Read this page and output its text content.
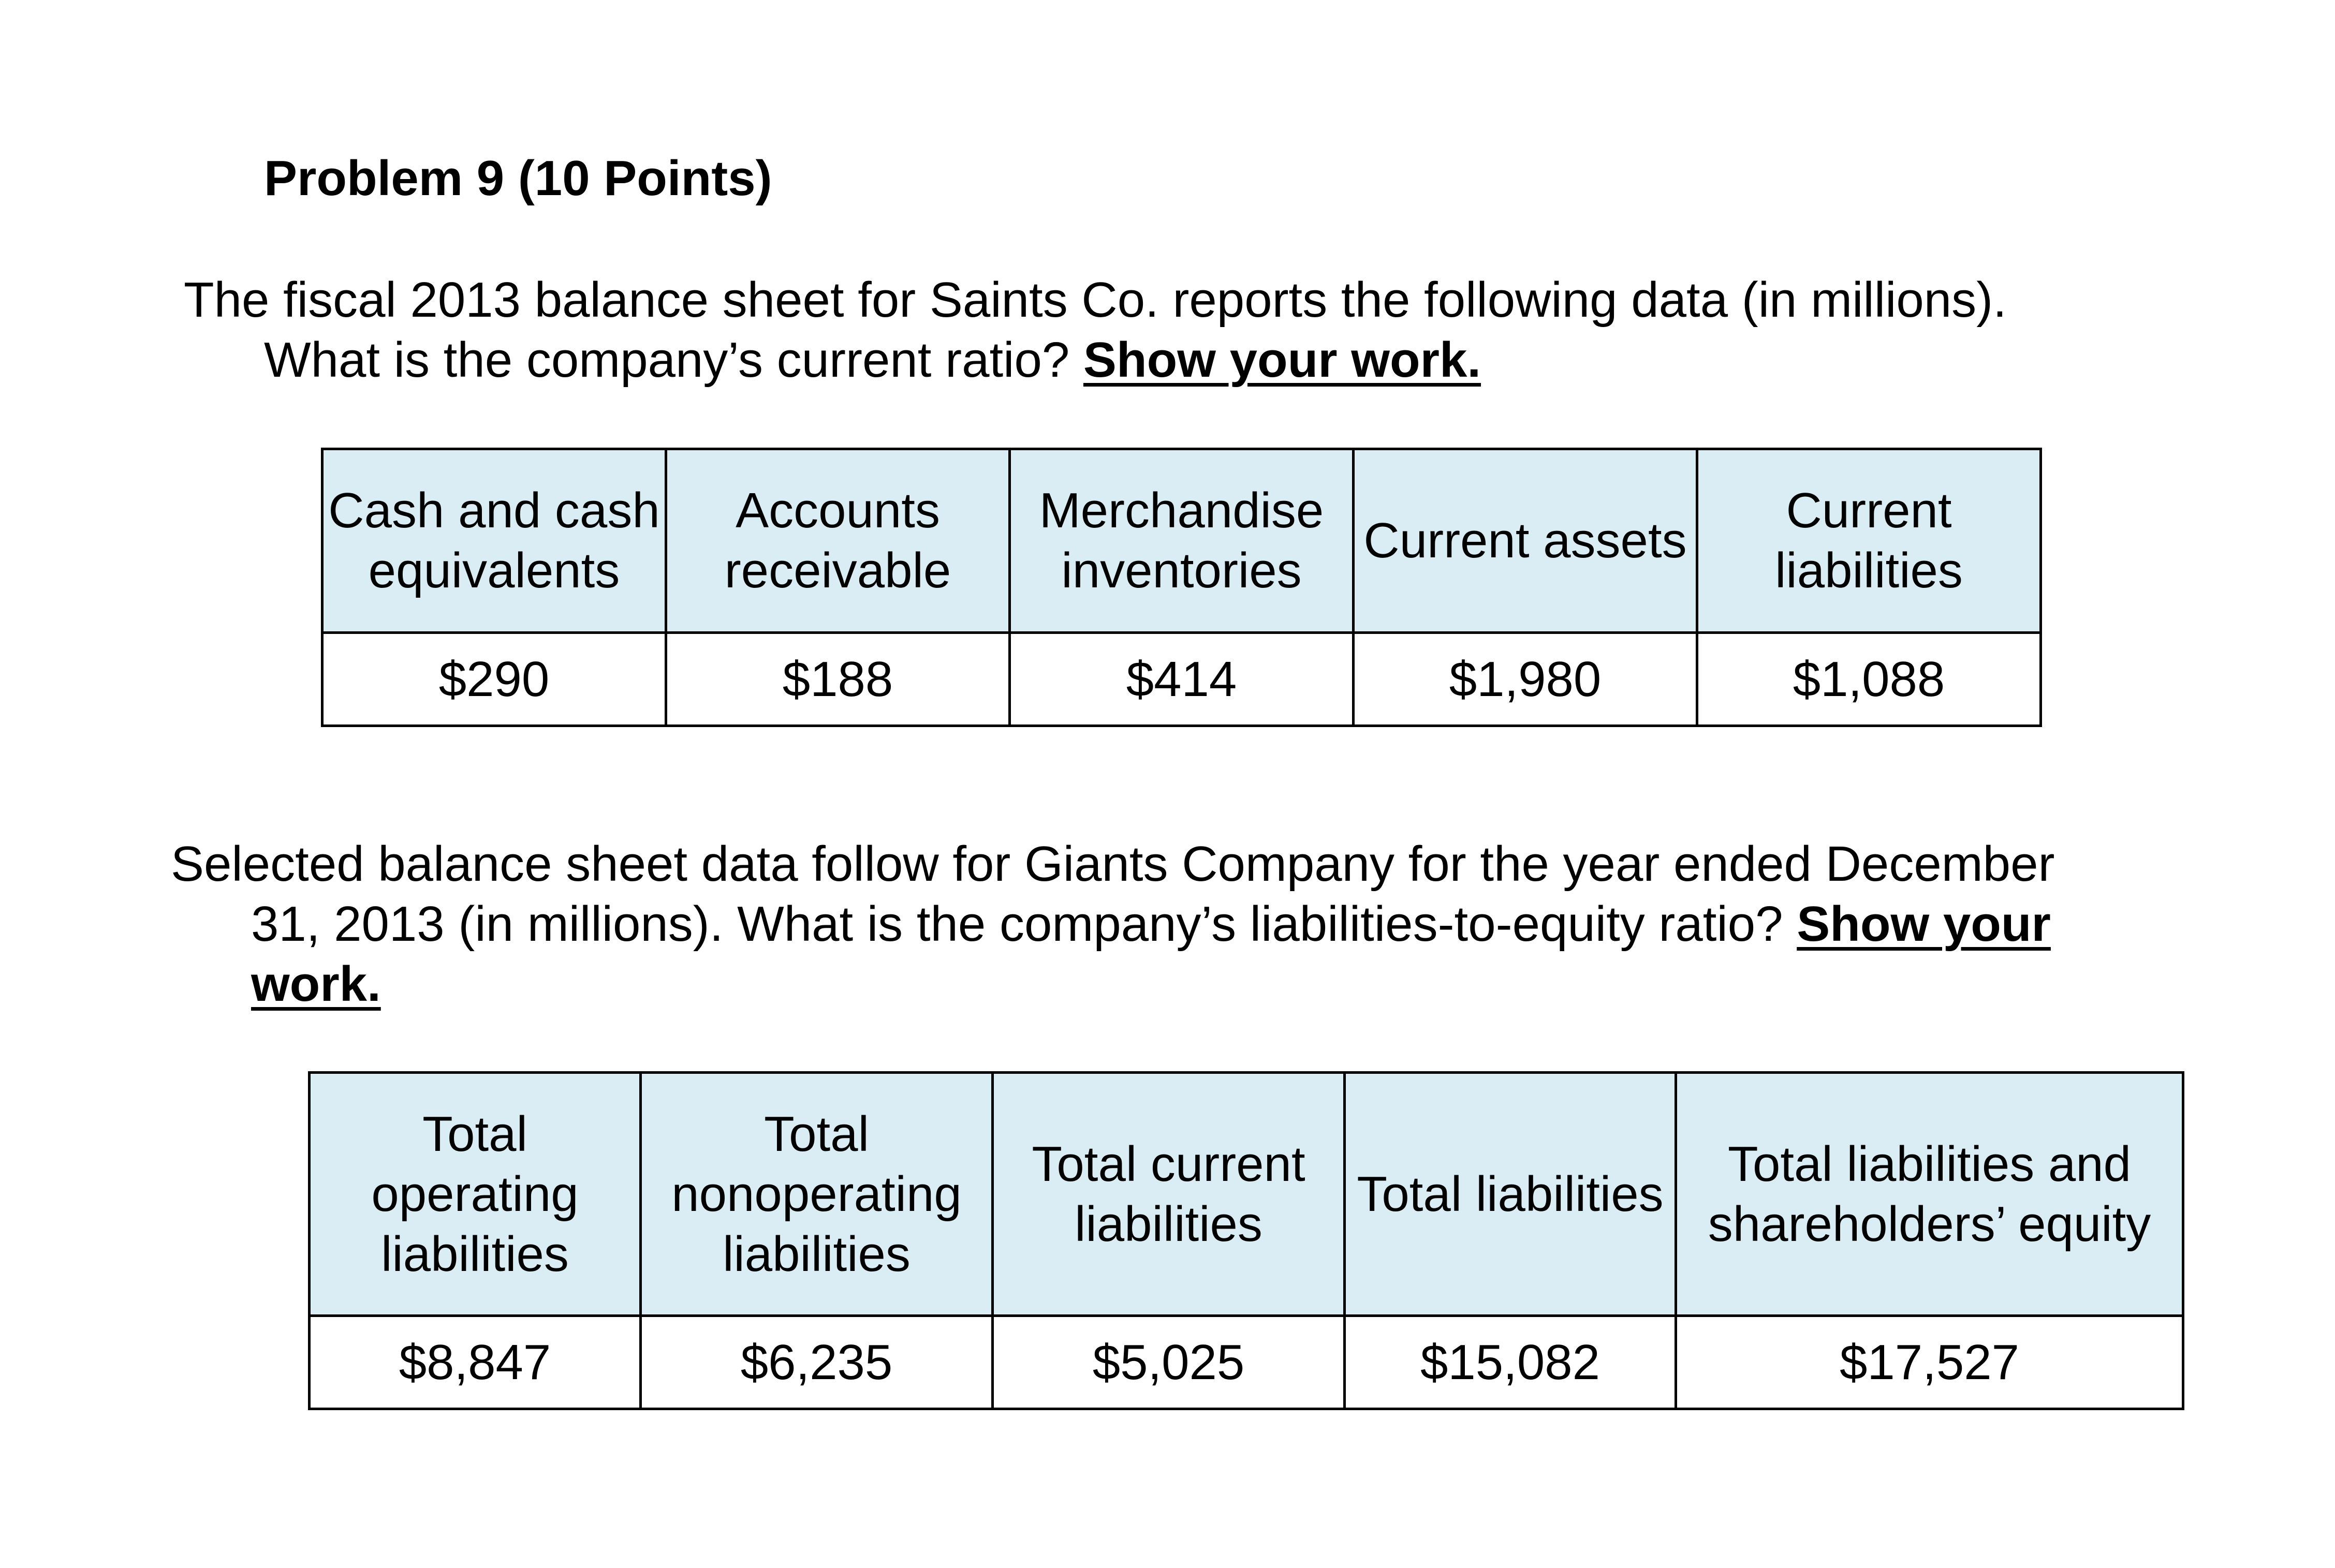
Problem 9 (10 Points)
The fiscal 2013 balance sheet for Saints Co. reports the following data (in millions).
What is the company’s current ratio? Show your work.
Cash and cash equivalents	Accounts receivable	Merchandise inventories	Current assets	Current liabilities
$290	$188	$414	$1,980	$1,088
Selected balance sheet data follow for Giants Company for the year ended December
31, 2013 (in millions). What is the company’s liabilities-to-equity ratio? Show your
work.
Total operating liabilities	Total nonoperating liabilities	Total current liabilities	Total liabilities	Total liabilities and shareholders’ equity
$8,847	$6,235	$5,025	$15,082	$17,527
